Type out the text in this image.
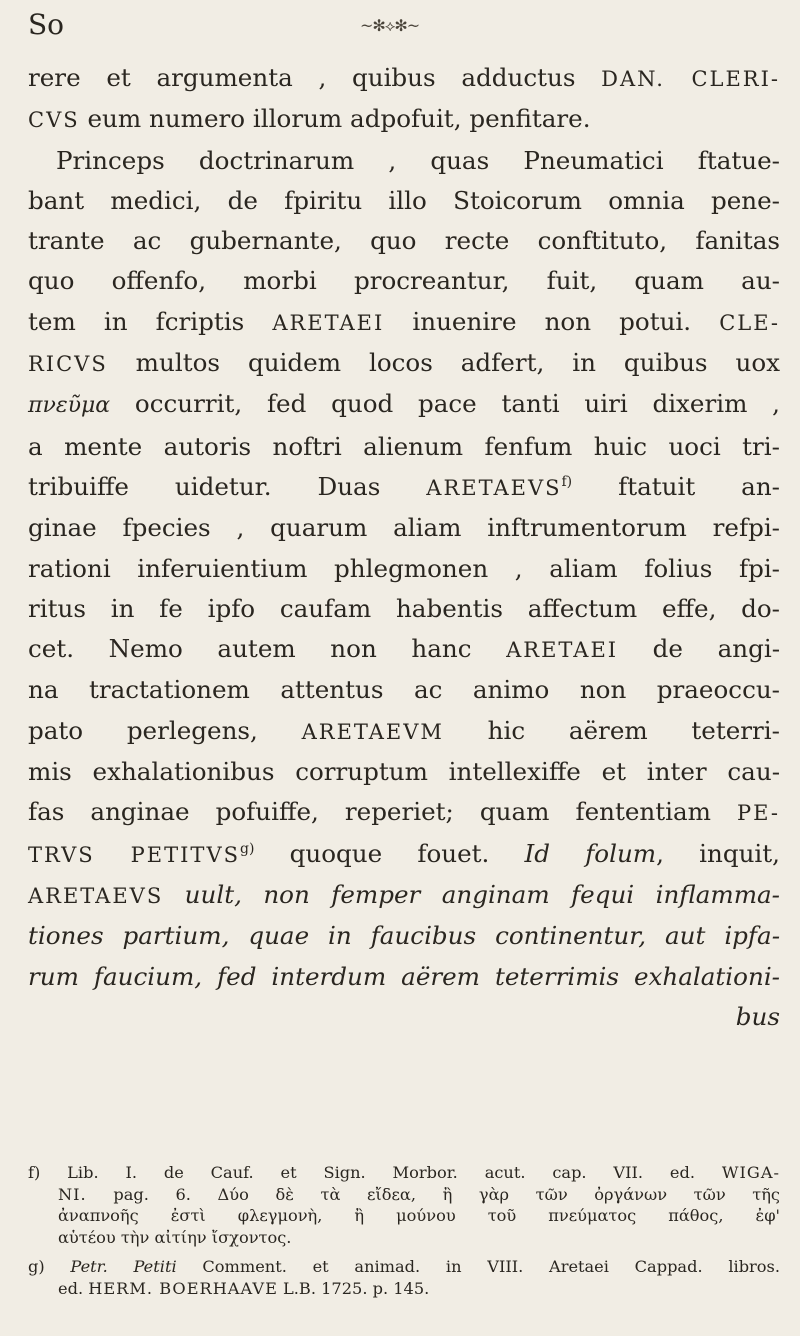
So	~✻⟡✻~
rere et argumenta , quibus adductus DAN. CLERI-
CVS eum numero illorum adpofuit, penfitare.
Princeps doctrinarum , quas Pneumatici ftatue-
bant medici, de fpiritu illo Stoicorum omnia pene-
trante ac gubernante, quo recte conftituto, fanitas
quo offenfo, morbi procreantur, fuit, quam au-
tem in fcriptis ARETAEI inuenire non potui. CLE-
RICVS multos quidem locos adfert, in quibus uox
πνεῦμα occurrit, fed quod pace tanti uiri dixerim ,
a mente autoris noftri alienum fenfum huic uoci tri-
tribuiffe uidetur. Duas ARETAEVS$^{f)}$ ftatuit an-
ginae fpecies , quarum aliam inftrumentorum refpi-
rationi inferuientium phlegmonen , aliam folius fpi-
ritus in fe ipfo caufam habentis affectum effe, do-
cet. Nemo autem non hanc ARETAEI de angi-
na tractationem attentus ac animo non praeoccu-
pato perlegens, ARETAEVM hic aërem teterri-
mis exhalationibus corruptum intellexiffe et inter cau-
fas anginae pofuiffe, reperiet; quam fententiam PE-
TRVS PETITVS$^{g)}$ quoque fouet. Id folum, inquit,
ARETAEVS uult, non femper anginam fequi inflamma-
tiones partium, quae in faucibus continentur, aut ipfa-
rum faucium, fed interdum aërem teterrimis exhalationi-
bus
f) Lib. I. de Cauf. et Sign. Morbor. acut. cap. VII. ed. WIGA-
NI. pag. 6. Δύο δὲ τὰ εἴδεα, ἢ γὰρ τῶν ὀργάνων τῶν τῆς
ἀναπνοῆς ἐστὶ φλεγμονὴ, ἢ μούνου τοῦ πνεύματος πάθος, ἐφ'
αὑτέου τὴν αἰτίην ἴσχοντος.
g) Petr. Petiti Comment. et animad. in VIII. Aretaei Cappad. libros.
ed. HERM. BOERHAAVE L.B. 1725. p. 145.
